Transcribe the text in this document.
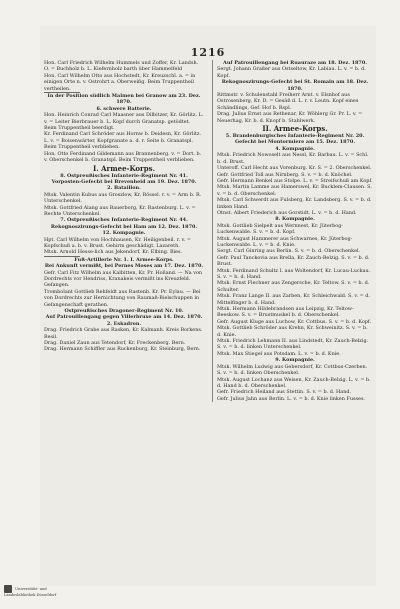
1216
Hon. Carl Friedrich Wilhelm Hummels und Zoffer, Kr. Landsh. O. = Buchholz b. L. Kiefernholz barth über Hammelfeld
Hon. Carl Wilhelm Otto aus Hochstedt, Kr. Kreuzschl. a. = in einigen Orte n. v. Ostrohrt a. Oberweißg. Beim Truppentheil vertheilen.
In der Position südlich Malmen bei Granow am 23. Dez. 1870.
6. schwere Batterie.
Hon. Heinrich Conrad Carl Maasner aus Dilbitzer, Kr. Görlitz. L. v. = Leiter Bierbrauer b. L. Kopf durch Granatsp. getödtet. Beim Truppentheil beerdigt.
Kr. Ferdinand Carl Schröder aus Hornw b. Deidesn, Kr. Görlitz. L. v. = Boisenwärter, Kopfgranate a. d. r. Seite b. Granatspl. Beim Truppentheil verblieben.
Hon. Otto Ferdinand Gildemann aus Brannenberg. v. = Dort. b. v. Oberschenkel b. Granatspl. Beim Truppentheil verblieben.
I. Armee-Korps.
8. Ostpreußisches Infanterie-Regiment Nr. 41.
Vorposten-Gefecht bei Brevenheid am 19. Dez. 1870.
2. Bataillon.
Mtsk. Valentin Kubus aus Groszlow, Kr. Rössel. r. v. = Arm b. R. Unterschenkel.
Mtsk. Gottfried Alang aus Bauerborg, Kr. Rastenburg. L. v. = Rechte Unterschenkel.
7. Ostpreußisches Infanterie-Regiment Nr. 44.
Rekognoszirungs-Gefecht bei Ham am 12. Dez. 1870.
12. Kompagnie.
Hpt. Carl Wilhelm von Hochhausen, Kr. Heiligenbeil. r. v. = Kopfschuß a. b. v. Brust. Gehirm geschädigt. Lazareth.
Mtsk. Arnold Hesse-lich aus Jekendorf, Kr. Elbing. Bies.
Fuß-Artillerie Nr. 1. I. Armee-Korps.
Bei Ankunft vermißt, bei Pernes Moses am 17. Dez. 1870.
Gefr. Carl Fitz Wilhelm aus Kalbitten, Kr. Pr. Holland. — Na von Dordrechts vor Hendriss, Kranakeis vermißt ins Kreuzfeld. Gefangen.
Trombolant Gottlieb Rehfeldt aus Rastenb. Kr. Pr. Eylau. — Bei von Dordrechts zur Hernichtung von Raumaß-Bielschuppen in Gefangenschaft gerathen.
Ostpreußisches Dragoner-Regiment Nr. 10.
Auf Patrouillengang gegen Villerbruxe am 14. Dez. 1870.
2. Eskadron.
Drag. Friedrich Grabe aus Rasken, Kr. Kalmanh. Kreis Borkens. Besil.
Drag. Daniel Zaun aus Tetendorf, Kr. Freckenberg. Bern.
Drag. Hermann Schiffler aus Ruckenburg, Kr. Steinburg, Bern.
Auf Patrouillengang bei Ruauraze am 18. Dez. 1870.
Sergt. Johann Graßer aus Ostseltow, Kr. Labiau. L. v. = b. d. Kopf.
Rekognoszirungs-Gefecht bei St. Romain am 18. Dez. 1870.
Rittmstr. v. Schulenstahl Freiherr Arnt. v. Elsnhof aus Ostrosenberg, Kr. D. = Gesäß d. L. r. v. Leutn. Kopf eines Schändlings, Gef. Hof b. Rspl.
Drag. Julius Ernst aus Rethenar, Kr. Wöhlerg Gr. Pr. L. v. = Neuerhag, Kr. b. d. Knopf b. Stahlwerk.
II. Armee-Korps.
5. Brandenburgisches Infanterie-Regiment Nr. 20.
Gefecht bei Montormiere am 15. Dez. 1870.
4. Kompagnie.
Mtsk. Friedrich Nowoselt aus Nessl, Kr. Barbau. L. v. = Schl. b. d. Brust.
Unteroff. Carl Hecht aus Vorenburg. Kr. S. = 2. Oberschenkel.
Gefr. Gottfried Toll aus Nirnberg. S. v. = b. d. Knöchel.
Gefr. Hermann Benkel aus Stolpe. L. v. = Streifschuß am Kopf.
Mtsk. Martin Lamme aus Hamerswel, Kr. Bucklem-Clausen. S. v. = b. d. Oberschenkel.
Mtsk. Carl Schwerdt aus Fulsberg, Kr. Landsberg. S. v. = b. d. linken Hand.
Otnst. Albert Friederich aus Gorstidt. L. v. = b. d. Hand.
8. Kompagnie.
Mtsk. Gottlieb Sielpelt aus Wernnest, Kr. Jüterbog-Luckenwalde. S. v. = b. d. Kopf.
Mtsk. August Hammerer aus Schwarnes, Kr. Jüterbog-Luckenwalde. L. v. = b. d. Knie.
Sergt. Carl Ginring aus Berlin. S. v. = b. d. Oberschenkel.
Gefr. Paul Tanckovia aus Brella, Kr. Zauch-Belzig. S. v. = b. d. Brust.
Mtsk. Ferdinand Schultz I. aus Woltendorf, Kr. Lucau-Luckau. S. v. = b. d. Hand.
Mtsk. Ernst Flechner aus Zengersche, Kr. Teltow. S. v. = b. d. Schulter.
Mtsk. Franz Lange II. aus Zarben, Kr. Schleichwald. S. v. = d. Mittelfinger b. d. Hand.
Mtsk. Hermann Hildebrandsen aus Leipzig, Kr. Teltow-Beeskow. S. v. = Brustmuskel b. d. Oberschenkel.
Gefr. August Kluge aus Luchow, Kr. Cottbus. S. v. = b. d. Kopf.
Mtsk. Gottlieb Schröder aus Krehn, Kr. Schweinitz. S. v. = b. d. Knie.
Mtsk. Friedrich Lehmann II. aus Lindstedt, Kr. Zauch-Belzig. S. v. = b. d. linken Unterschenkel.
Mtsk. Max Stiegel aus Potsdam. L. v. = b. d. Knie.
9. Kompagnie.
Mtsk. Wilhelm Ludwig aus Gebersdorf, Kr. Cottbus-Czerben. S. v. = b. d. linken Oberschenkel.
Mtsk. August Lochanz aus Weisen, Kr. Zauch-Belzig. L. v. = b. d. Hand b. d. Oberschenkel.
Gefr. Friedrich Heiland aus Stettin. S. v. = b. d. Hand.
Gefr. Julius Jahn aus Berlin. L. v. = b. d. Knie linken Fusses.
Universitäts- und Landesbibliothek Düsseldorf
